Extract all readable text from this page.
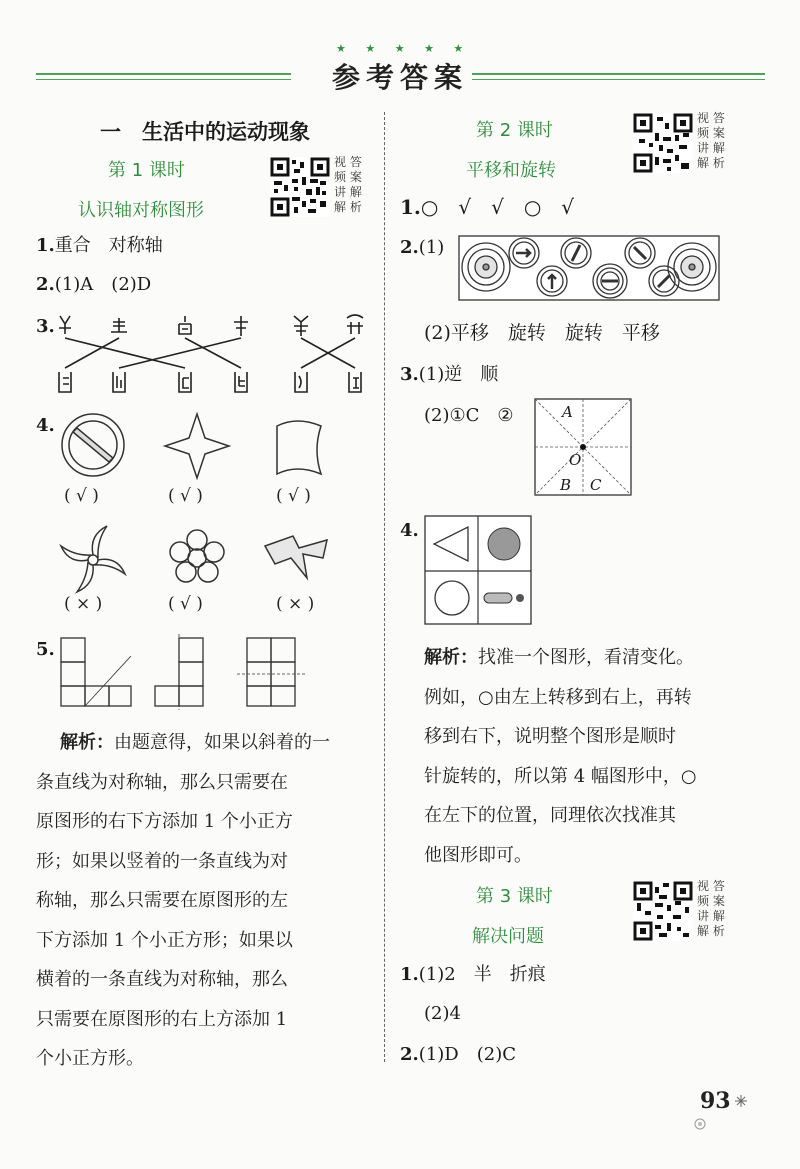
★ ★ ★ ★ ★
参考答案
一　生活中的运动现象
第 1 课时
认识轴对称图形
视 答
频 案
讲 解
解 析
1.重合　对称轴
2.(1)A　(2)D
3.
4.
( √ )	( √ )	( √ )
( × )	( √ )	( × )
5.
解析：由题意得，如果以斜着的一
条直线为对称轴，那么只需要在
原图形的右下方添加 1 个小正方
形；如果以竖着的一条直线为对
称轴，那么只需要在原图形的左
下方添加 1 个小正方形；如果以
横着的一条直线为对称轴，那么
只需要在原图形的右上方添加 1
个小正方形。
第 2 课时
平移和旋转
视 答
频 案
讲 解
解 析
1.○　√　√　○　√
2.(1)
(2)平移　旋转　旋转　平移
3.(1)逆　顺
(2)①C　②	A
O
B C
4.
解析：找准一个图形，看清变化。
例如，○由左上转移到右上，再转
移到右下，说明整个图形是顺时
针旋转的，所以第 4 幅图形中，○
在左下的位置，同理依次找准其
他图形即可。
第 3 课时
解决问题
视 答
频 案
讲 解
解 析
1.(1)2　半　折痕
(2)4
2.(1)D　(2)C
93
